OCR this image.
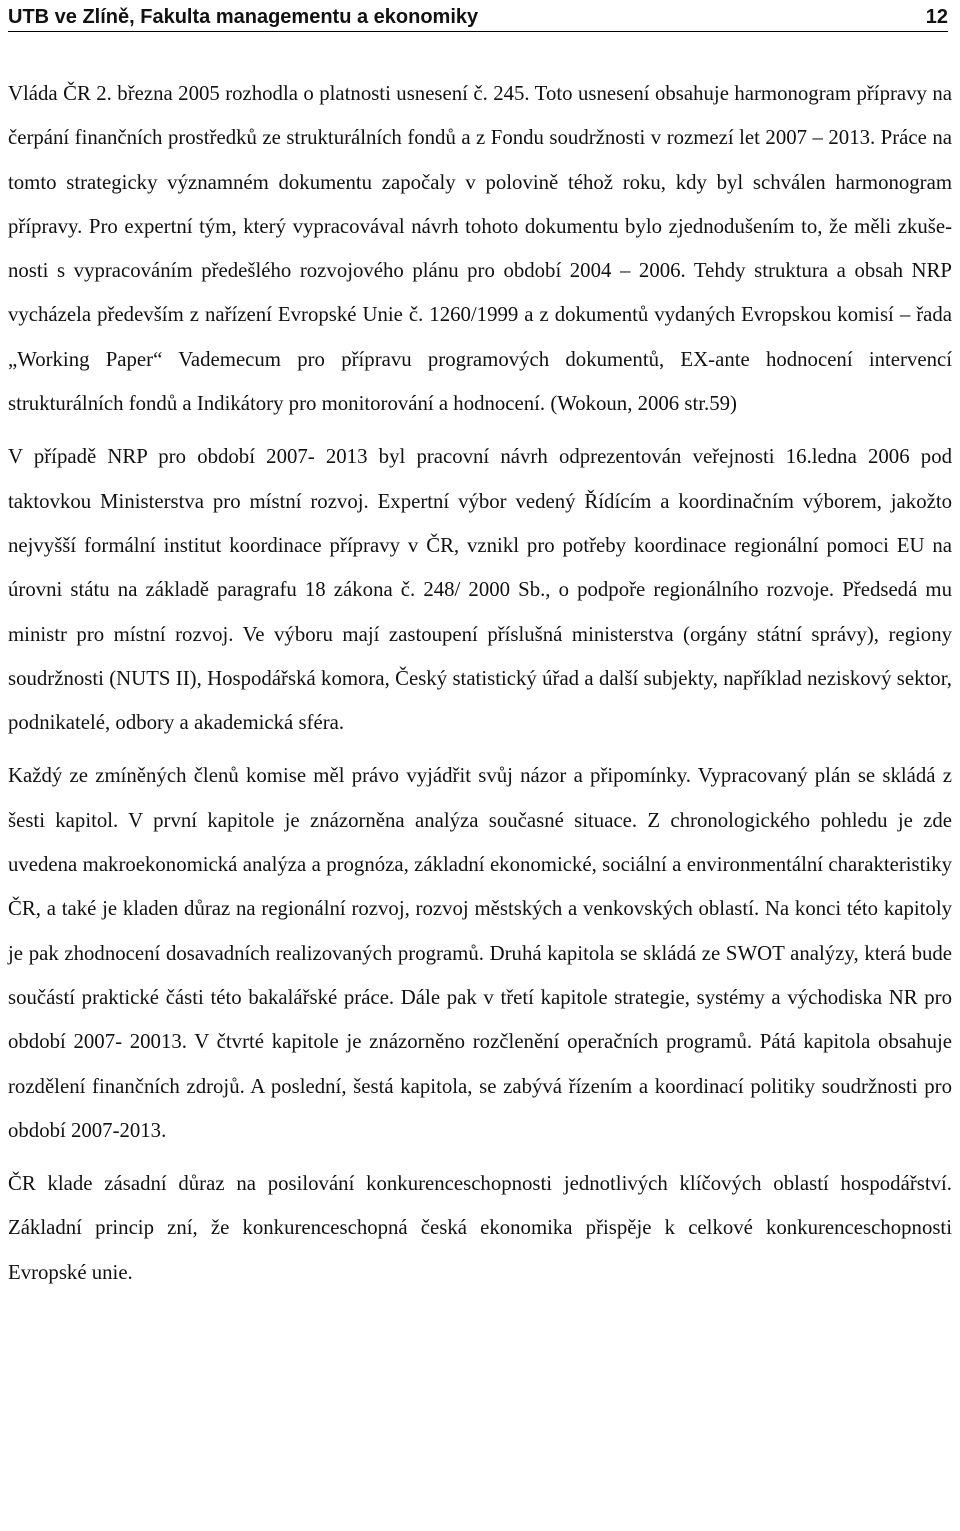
UTB ve Zlíně, Fakulta managementu a ekonomiky	12

Vláda ČR 2. března 2005 rozhodla o platnosti usnesení č. 245. Toto usnesení obsahuje harmonogram přípravy na čerpání finančních prostředků ze strukturálních fondů a z Fondu soudržnosti v rozmezí let 2007 – 2013. Práce na tomto strategicky významném dokumentu započaly v polovině téhož roku, kdy byl schválen harmonogram přípravy. Pro expertní tým, který vypracovával návrh tohoto dokumentu bylo zjednodušením to, že měli zkušenosti s vypracováním předešlého rozvojového plánu pro období 2004 – 2006. Tehdy struktura a obsah NRP vycházela především z nařízení Evropské Unie č. 1260/1999 a z dokumentů vydaných Evropskou komisí – řada „Working Paper“ Vademecum pro přípravu programových dokumentů, EX-ante hodnocení intervencí strukturálních fondů a Indikátory pro monitorování a hodnocení. (Wokoun, 2006 str.59)

V případě NRP pro období 2007- 2013 byl pracovní návrh odprezentován veřejnosti 16.ledna 2006 pod taktovkou Ministerstva pro místní rozvoj. Expertní výbor vedený Řídícím a koordinačním výborem, jakožto nejvyšší formální institut koordinace přípravy v ČR, vznikl pro potřeby koordinace regionální pomoci EU na úrovni státu na základě paragrafu 18 zákona č. 248/ 2000 Sb., o podpoře regionálního rozvoje. Předsedá mu ministr pro místní rozvoj. Ve výboru mají zastoupení příslušná ministerstva (orgány státní správy), regiony soudržnosti (NUTS II), Hospodářská komora, Český statistický úřad a další subjekty, například neziskový sektor, podnikatelé, odbory a akademická sféra.

Každý ze zmíněných členů komise měl právo vyjádřit svůj názor a připomínky. Vypracovaný plán se skládá z šesti kapitol. V první kapitole je znázorněna analýza současné situace. Z chronologického pohledu je zde uvedena makroekonomická analýza a prognóza, základní ekonomické, sociální a environmentální charakteristiky ČR, a také je kladen důraz na regionální rozvoj, rozvoj městských a venkovských oblastí. Na konci této kapitoly je pak zhodnocení dosavadních realizovaných programů. Druhá kapitola se skládá ze SWOT analýzy, která bude součástí praktické části této bakalářské práce. Dále pak v třetí kapitole strategie, systémy a východiska NR pro období 2007- 20013. V čtvrté kapitole je znázorněno rozčlenění operačních programů. Pátá kapitola obsahuje rozdělení finančních zdrojů. A poslední, šestá kapitola, se zabývá řízením a koordinací politiky soudržnosti pro období 2007-2013.

ČR klade zásadní důraz na posilování konkurenceschopnosti jednotlivých klíčových oblastí hospodářství. Základní princip zní, že konkurenceschopná česká ekonomika přispěje k celkové konkurenceschopnosti Evropské unie.
